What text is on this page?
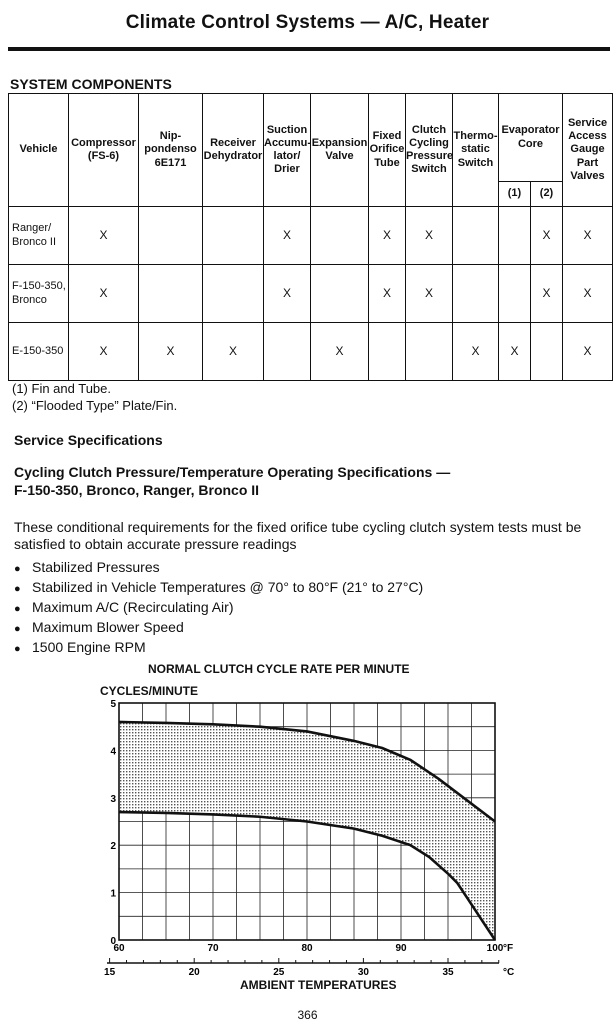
Climate Control Systems — A/C, Heater
SYSTEM COMPONENTS
Vehicle	Compressor (FS-6)	Nip-pondenso 6E171	Receiver Dehydrator	Suction Accumu-lator/ Drier	Expansion Valve	Fixed Orifice Tube	Clutch Cycling Pressure Switch	Thermo-static Switch	Evaporator Core		Service Access Gauge Part Valves
									(1)	(2)	
Ranger/ Bronco II	X			X		X	X			X	X
F-150-350, Bronco	X			X		X	X			X	X
E-150-350	X	X	X		X			X	X		X
(1) Fin and Tube.
(2) “Flooded Type” Plate/Fin.
Service Specifications
Cycling Clutch Pressure/Temperature Operating Specifications —
F-150-350, Bronco, Ranger, Bronco II
These conditional requirements for the fixed orifice tube cycling clutch system tests must be satisfied to obtain accurate pressure readings
● Stabilized Pressures
● Stabilized in Vehicle Temperatures @ 70° to 80°F (21° to 27°C)
● Maximum A/C (Recirculating Air)
● Maximum Blower Speed
● 1500 Engine RPM
NORMAL CLUTCH CYCLE RATE PER MINUTE
CYCLES/MINUTE
AMBIENT TEMPERATURES
0
1
2
3
4
5
60	70	80	90	100 °F
15	20	25	30	35	°C
366
